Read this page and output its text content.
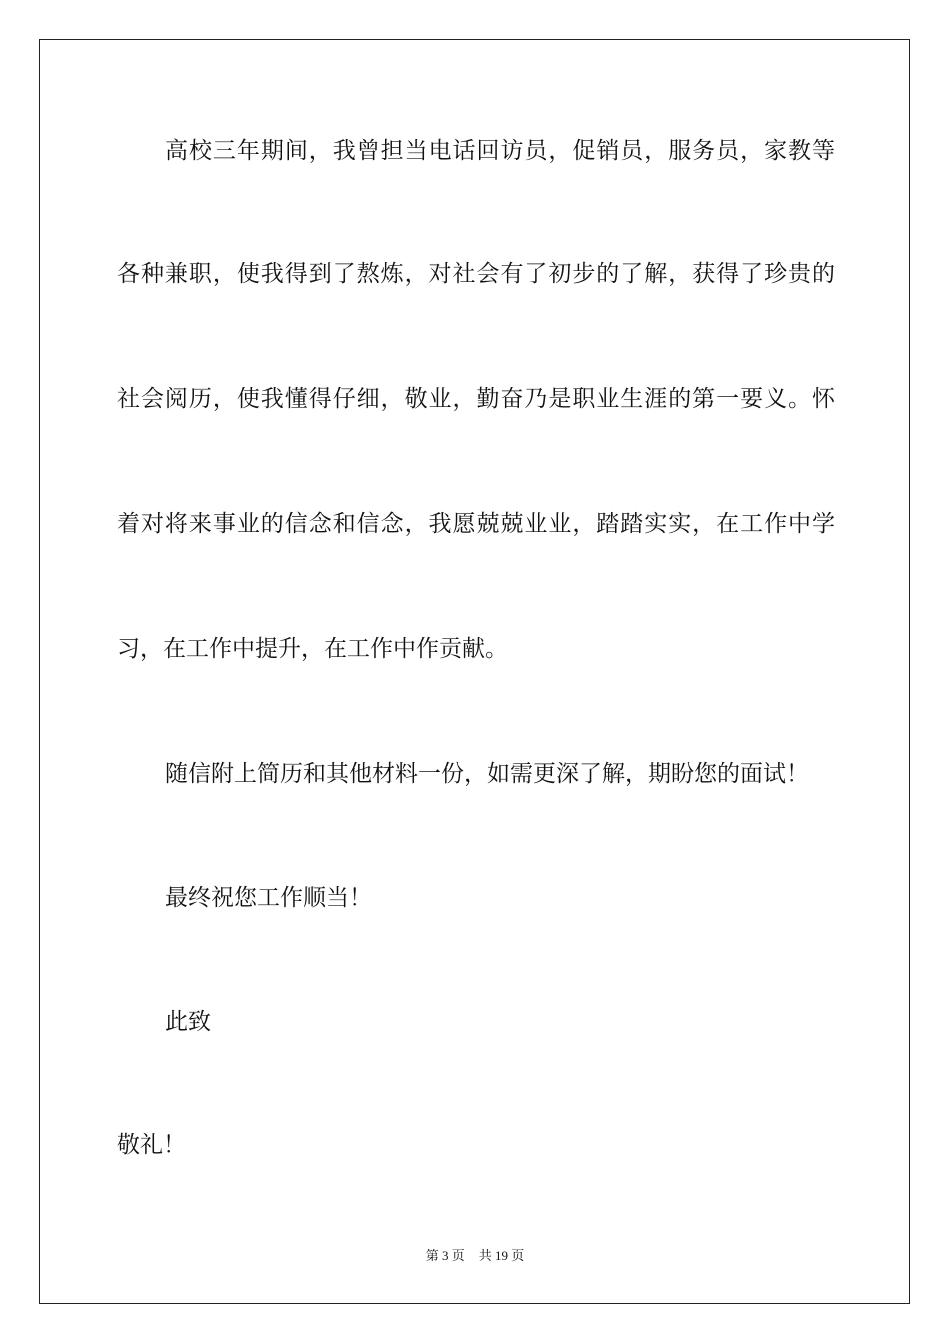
高校三年期间，我曾担当电话回访员，促销员，服务员，家教等
各种兼职，使我得到了熬炼，对社会有了初步的了解，获得了珍贵的
社会阅历，使我懂得仔细，敬业，勤奋乃是职业生涯的第一要义。怀
着对将来事业的信念和信念，我愿兢兢业业，踏踏实实，在工作中学
习，在工作中提升，在工作中作贡献。
随信附上简历和其他材料一份，如需更深了解，期盼您的面试！
最终祝您工作顺当！
此致
敬礼！
第 3 页 共 19 页
